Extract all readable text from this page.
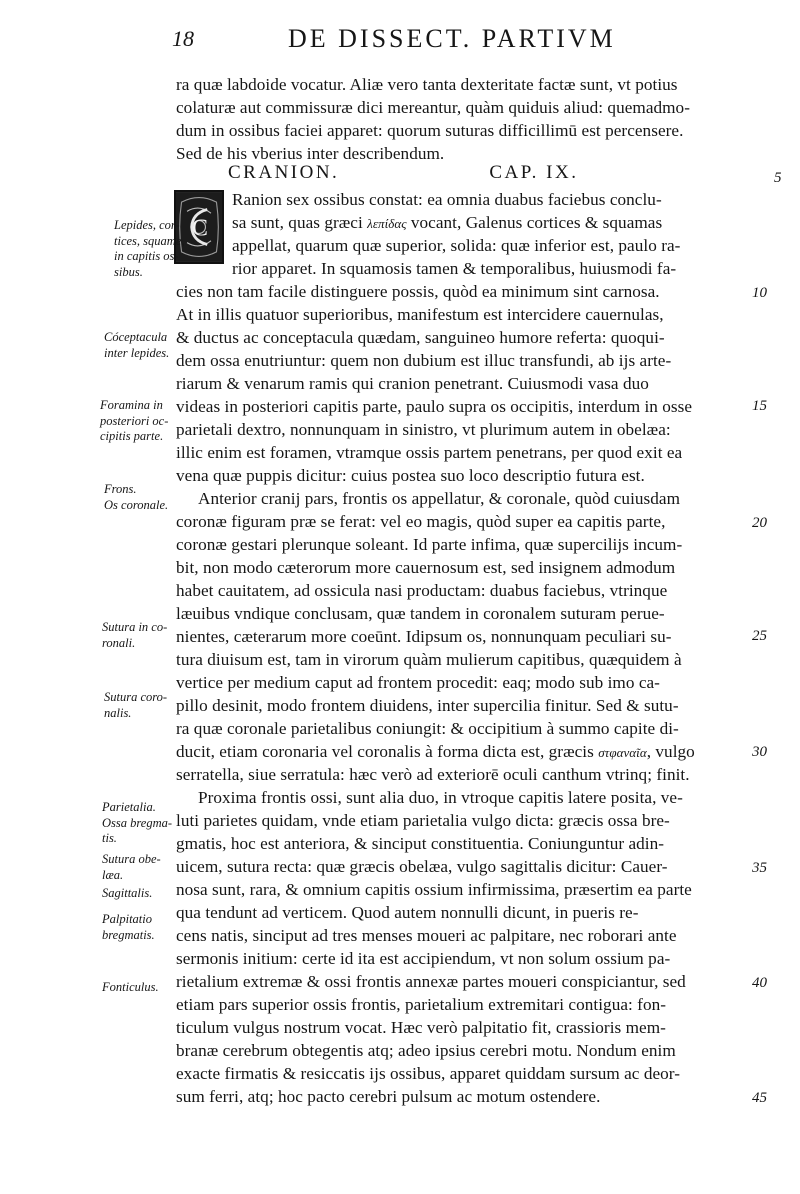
18	DE DISSECT. PARTIVM
ra quæ labdoide vocatur. Aliæ vero tanta dexteritate factæ sunt, vt potius
colaturæ aut commissuræ dici mereantur, quàm quiduis aliud: quemadmo-
dum in ossibus faciei apparet: quorum suturas difficillimū est percensere.
Sed de his vberius inter describendum.
CRANION.	CAP. IX.
C
Ranion sex ossibus constat: ea omnia duabus faciebus conclu-
sa sunt, quas græci λεπίδας vocant, Galenus cortices & squamas
appellat, quarum quæ superior, solida: quæ inferior est, paulo ra-
rior apparet. In squamosis tamen & temporalibus, huiusmodi fa-
cies non tam facile distinguere possis, quòd ea minimum sint carnosa.
At in illis quatuor superioribus, manifestum est intercidere cauernulas,
& ductus ac conceptacula quædam, sanguineo humore referta: quoqui-
dem ossa enutriuntur: quem non dubium est illuc transfundi, ab ijs arte-
riarum & venarum ramis qui cranion penetrant. Cuiusmodi vasa duo
videas in posteriori capitis parte, paulo supra os occipitis, interdum in osse
parietali dextro, nonnunquam in sinistro, vt plurimum autem in obelæa:
illic enim est foramen, vtramque ossis partem penetrans, per quod exit ea
vena quæ puppis dicitur: cuius postea suo loco descriptio futura est.
Anterior cranij pars, frontis os appellatur, & coronale, quòd cuiusdam
coronæ figuram præ se ferat: vel eo magis, quòd super ea capitis parte,
coronæ gestari plerunque soleant. Id parte infima, quæ supercilijs incum-
bit, non modo cæterorum more cauernosum est, sed insignem admodum
habet cauitatem, ad ossicula nasi productam: duabus faciebus, vtrinque
læuibus vndique conclusam, quæ tandem in coronalem suturam perue-
nientes, cæterarum more coeūnt. Idipsum os, nonnunquam peculiari su-
tura diuisum est, tam in virorum quàm mulierum capitibus, quæquidem à
vertice per medium caput ad frontem procedit: eaq; modo sub imo ca-
pillo desinit, modo frontem diuidens, inter supercilia finitur. Sed & sutu-
ra quæ coronale parietalibus coniungit: & occipitium à summo capite di-
ducit, etiam coronaria vel coronalis à forma dicta est, græcis στφαναῖα, vulgo
serratella, siue serratula: hæc verò ad exteriorē oculi canthum vtrinq; finit.
Proxima frontis ossi, sunt alia duo, in vtroque capitis latere posita, ve-
luti parietes quidam, vnde etiam parietalia vulgo dicta: græcis ossa bre-
gmatis, hoc est anteriora, & sinciput constituentia. Coniunguntur adin-
uicem, sutura recta: quæ græcis obelæa, vulgo sagittalis dicitur: Cauer-
nosa sunt, rara, & omnium capitis ossium infirmissima, præsertim ea parte
qua tendunt ad verticem. Quod autem nonnulli dicunt, in pueris re-
cens natis, sinciput ad tres menses moueri ac palpitare, nec roborari ante
sermonis initium: certe id ita est accipiendum, vt non solum ossium pa-
rietalium extremæ & ossi frontis annexæ partes moueri conspiciantur, sed
etiam pars superior ossis frontis, parietalium extremitari contigua: fon-
ticulum vulgus nostrum vocat. Hæc verò palpitatio fit, crassioris mem-
branæ cerebrum obtegentis atq; adeo ipsius cerebri motu. Nondum enim
exacte firmatis & resiccatis ijs ossibus, apparet quiddam sursum ac deor-
sum ferri, atq; hoc pacto cerebri pulsum ac motum ostendere.
Lepides, cor-
tices, squame,
in capitis os-
sibus.
Cóceptacula
inter lepides.
Foramina in
posteriori oc-
cipitis parte.
Frons.
Os coronale.
Sutura in co-
ronali.
Sutura coro-
nalis.
Parietalia.
Ossa bregma-
tis.
Sutura obe-
læa.
Sagittalis.
Palpitatio
bregmatis.
Fonticulus.
5
10
15
20
25
30
35
40
45
